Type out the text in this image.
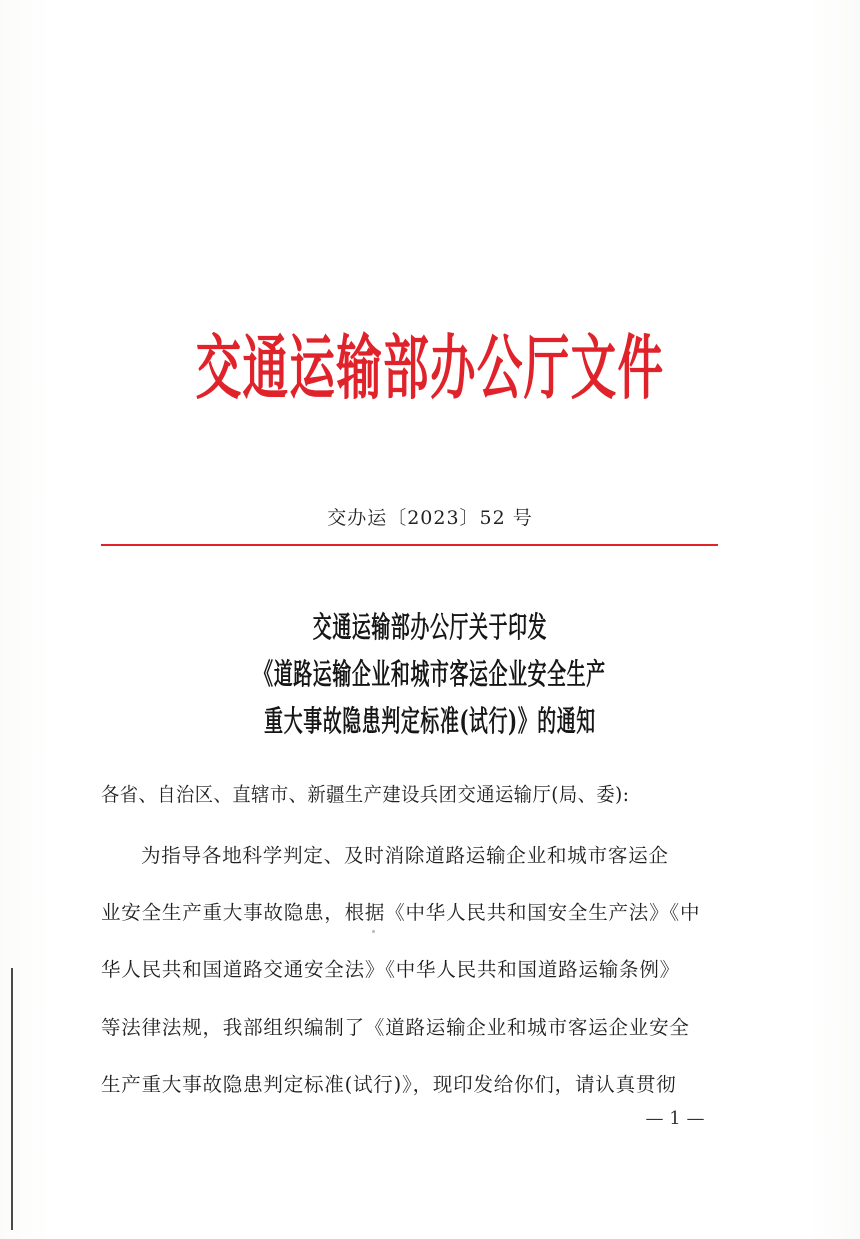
交通运输部办公厅文件
交办运〔2023〕52 号
交通运输部办公厅关于印发
《道路运输企业和城市客运企业安全生产
重大事故隐患判定标准(试行)》的通知
各省、自治区、直辖市、新疆生产建设兵团交通运输厅(局、委):
为指导各地科学判定、及时消除道路运输企业和城市客运企
业安全生产重大事故隐患，根据《中华人民共和国安全生产法》《中
华人民共和国道路交通安全法》《中华人民共和国道路运输条例》
等法律法规，我部组织编制了《道路运输企业和城市客运企业安全
生产重大事故隐患判定标准(试行)》，现印发给你们，请认真贯彻
— 1 —
